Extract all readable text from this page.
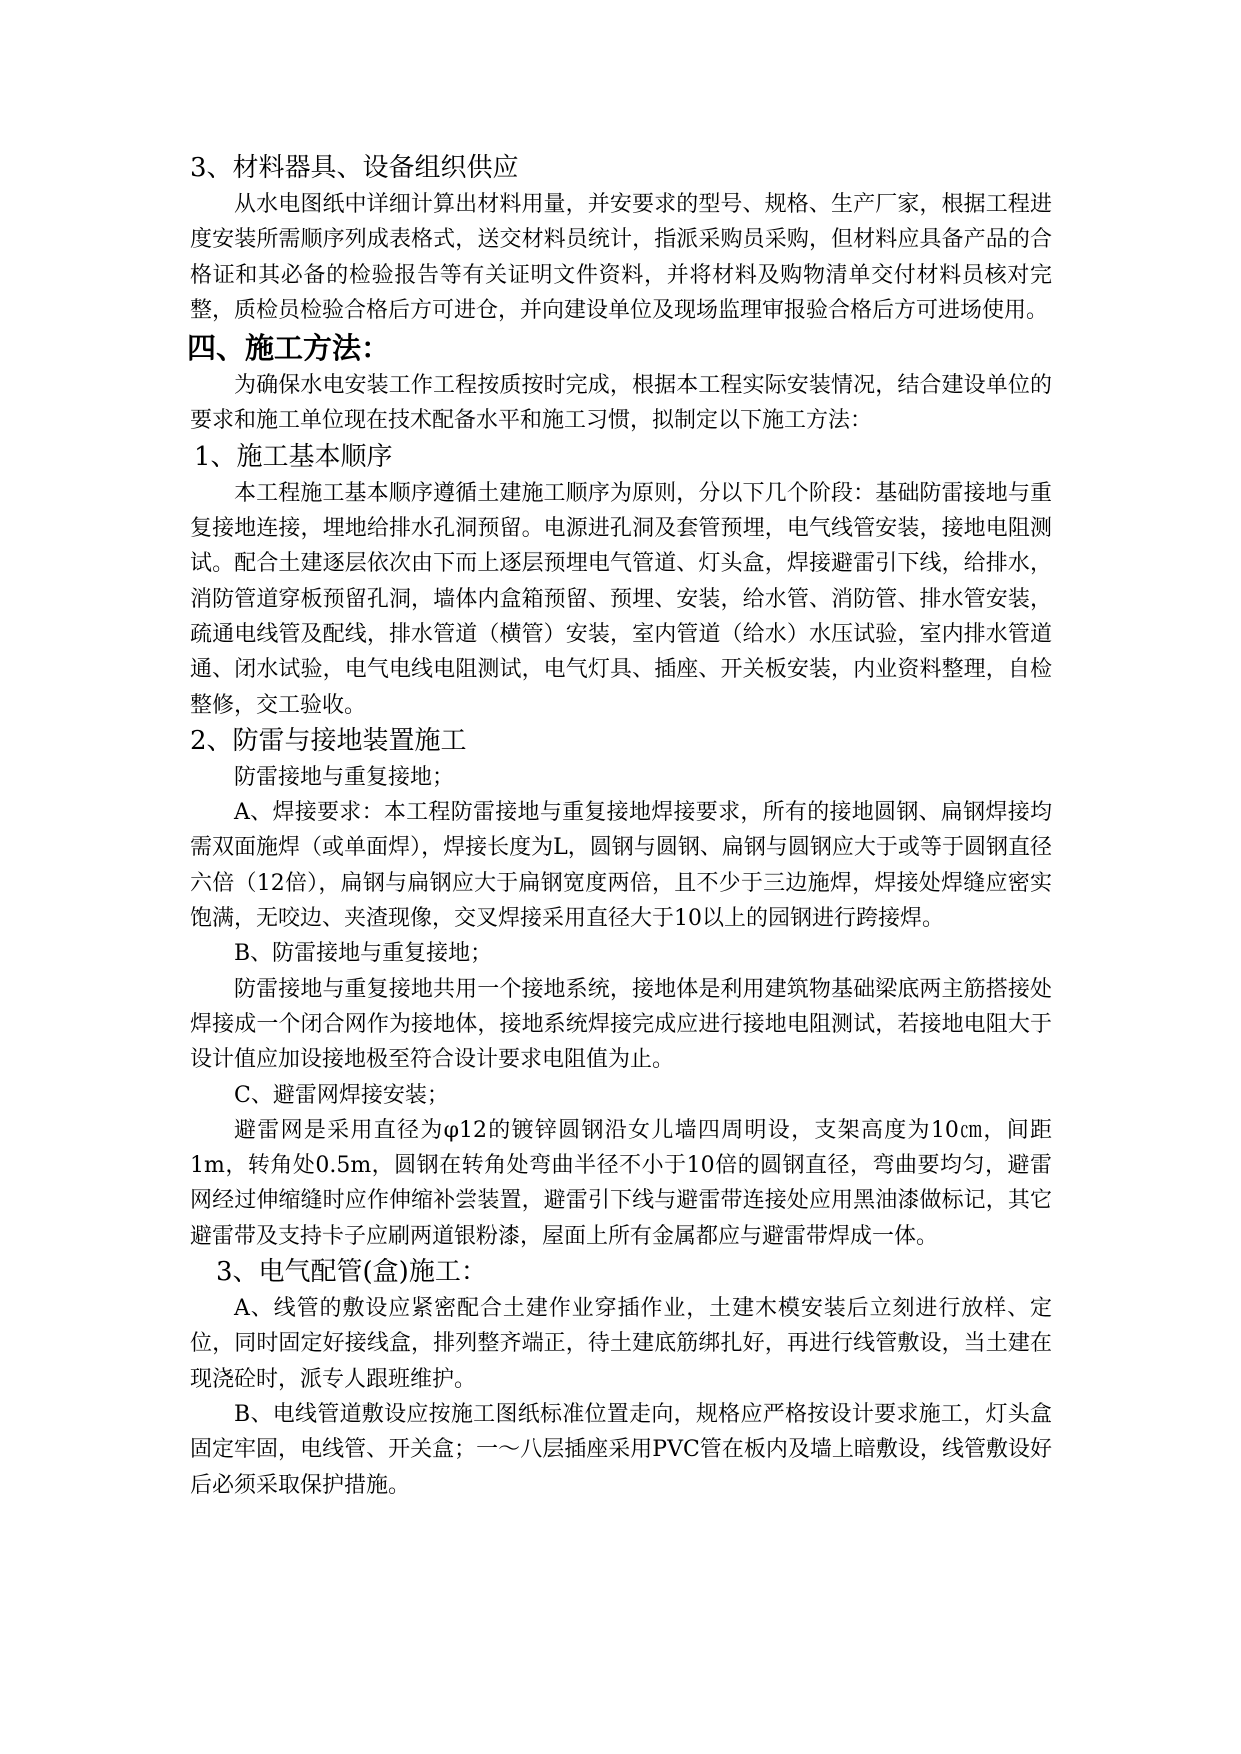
3、材料器具、设备组织供应

从水电图纸中详细计算出材料用量，并安要求的型号、规格、生产厂家，根据工程进度安装所需顺序列成表格式，送交材料员统计，指派采购员采购，但材料应具备产品的合格证和其必备的检验报告等有关证明文件资料，并将材料及购物清单交付材料员核对完整，质检员检验合格后方可进仓，并向建设单位及现场监理审报验合格后方可进场使用。

四、施工方法：

为确保水电安装工作工程按质按时完成，根据本工程实际安装情况，结合建设单位的要求和施工单位现在技术配备水平和施工习惯，拟制定以下施工方法：

1、施工基本顺序

本工程施工基本顺序遵循土建施工顺序为原则，分以下几个阶段：基础防雷接地与重复接地连接，埋地给排水孔洞预留。电源进孔洞及套管预埋，电气线管安装，接地电阻测试。配合土建逐层依次由下而上逐层预埋电气管道、灯头盒，焊接避雷引下线，给排水，消防管道穿板预留孔洞，墙体内盒箱预留、预埋、安装，给水管、消防管、排水管安装，疏通电线管及配线，排水管道（横管）安装，室内管道（给水）水压试验，室内排水管道通、闭水试验，电气电线电阻测试，电气灯具、插座、开关板安装，内业资料整理，自检整修，交工验收。

2、防雷与接地装置施工

防雷接地与重复接地；

A、焊接要求：本工程防雷接地与重复接地焊接要求，所有的接地圆钢、扁钢焊接均需双面施焊（或单面焊），焊接长度为L，圆钢与圆钢、扁钢与圆钢应大于或等于圆钢直径六倍（12倍），扁钢与扁钢应大于扁钢宽度两倍，且不少于三边施焊，焊接处焊缝应密实饱满，无咬边、夹渣现像，交叉焊接采用直径大于10以上的园钢进行跨接焊。

B、防雷接地与重复接地；

防雷接地与重复接地共用一个接地系统，接地体是利用建筑物基础梁底两主筋搭接处焊接成一个闭合网作为接地体，接地系统焊接完成应进行接地电阻测试，若接地电阻大于设计值应加设接地极至符合设计要求电阻值为止。

C、避雷网焊接安装；

避雷网是采用直径为φ12的镀锌圆钢沿女儿墙四周明设，支架高度为10㎝，间距1m，转角处0.5m，圆钢在转角处弯曲半径不小于10倍的圆钢直径，弯曲要均匀，避雷网经过伸缩缝时应作伸缩补尝装置，避雷引下线与避雷带连接处应用黑油漆做标记，其它避雷带及支持卡子应刷两道银粉漆，屋面上所有金属都应与避雷带焊成一体。

3、电气配管(盒)施工：

A、线管的敷设应紧密配合土建作业穿插作业，土建木模安装后立刻进行放样、定位，同时固定好接线盒，排列整齐端正，待土建底筋绑扎好，再进行线管敷设，当土建在现浇砼时，派专人跟班维护。

B、电线管道敷设应按施工图纸标准位置走向，规格应严格按设计要求施工，灯头盒固定牢固，电线管、开关盒；一～八层插座采用PVC管在板内及墙上暗敷设，线管敷设好后必须采取保护措施。
